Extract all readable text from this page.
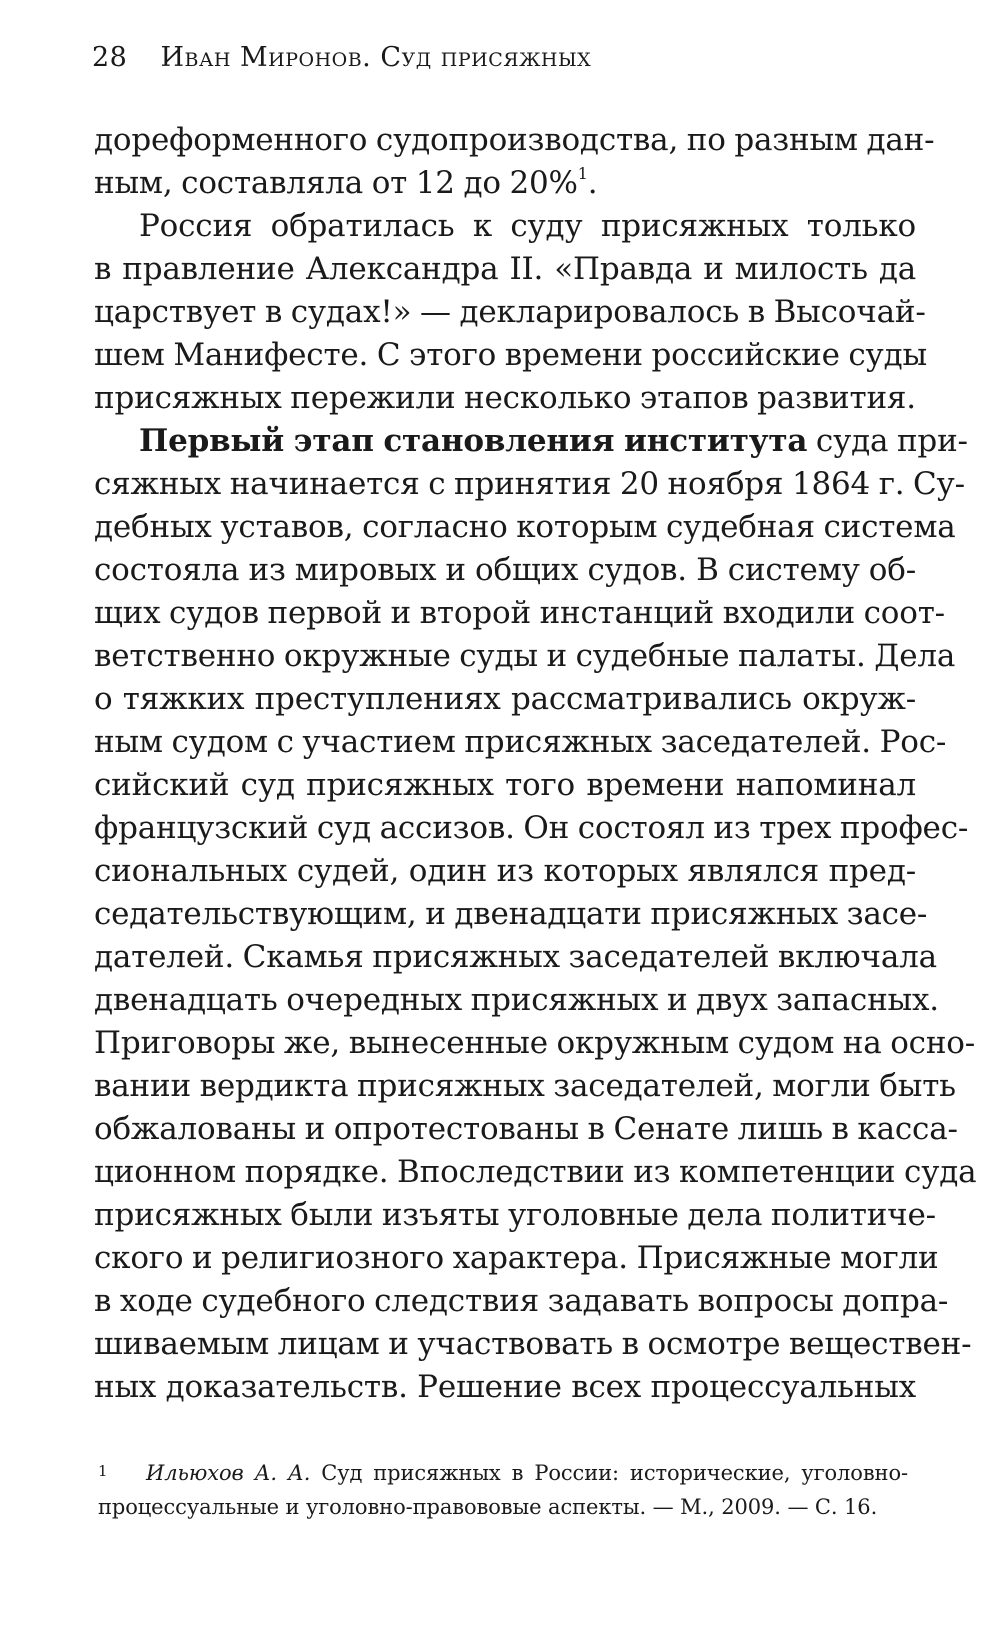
28 Иван Миронов. Суд присяжных
дореформенного судопроизводства, по разным дан-
ным, составляла от 12 до 20%$^1$.
Россия обратилась к суду присяжных только
в правление Александра II. «Правда и милость да
царствует в судах!» — декларировалось в Высочай-
шем Манифесте. С этого времени российские суды
присяжных пережили несколько этапов развития.
Первый этап становления института суда при-
сяжных начинается с принятия 20 ноября 1864 г. Су-
дебных уставов, согласно которым судебная система
состояла из мировых и общих судов. В систему об-
щих судов первой и второй инстанций входили соот-
ветственно окружные суды и судебные палаты. Дела
о тяжких преступлениях рассматривались окруж-
ным судом с участием присяжных заседателей. Рос-
сийский суд присяжных того времени напоминал
французский суд ассизов. Он состоял из трех профес-
сиональных судей, один из которых являлся пред-
седательствующим, и двенадцати присяжных засе-
дателей. Скамья присяжных заседателей включала
двенадцать очередных присяжных и двух запасных.
Приговоры же, вынесенные окружным судом на осно-
вании вердикта присяжных заседателей, могли быть
обжалованы и опротестованы в Сенате лишь в касса-
ционном порядке. Впоследствии из компетенции суда
присяжных были изъяты уголовные дела политиче-
ского и религиозного характера. Присяжные могли
в ходе судебного следствия задавать вопросы допра-
шиваемым лицам и участвовать в осмотре веществен-
ных доказательств. Решение всех процессуальных
1	Ильюхов А. А. Суд присяжных в России: исторические, уголовно-
процессуальные и уголовно-правововые аспекты. — М., 2009. — С. 16.
